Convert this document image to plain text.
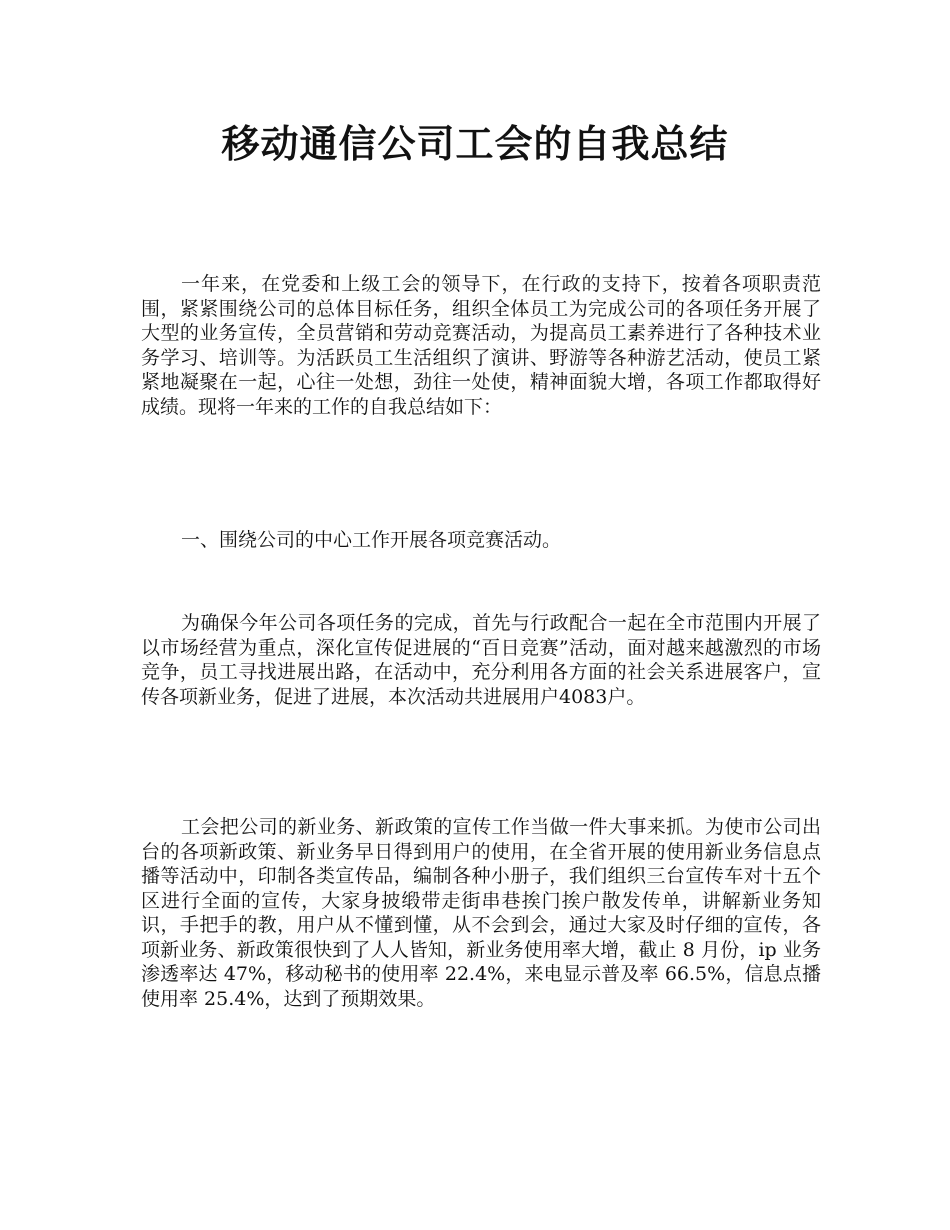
移动通信公司工会的自我总结

一年来，在党委和上级工会的领导下，在行政的支持下，按着各项职责范围，紧紧围绕公司的总体目标任务，组织全体员工为完成公司的各项任务开展了大型的业务宣传，全员营销和劳动竞赛活动，为提高员工素养进行了各种技术业务学习、培训等。为活跃员工生活组织了演讲、野游等各种游艺活动，使员工紧紧地凝聚在一起，心往一处想，劲往一处使，精神面貌大增，各项工作都取得好成绩。现将一年来的工作的自我总结如下：

一、围绕公司的中心工作开展各项竞赛活动。

为确保今年公司各项任务的完成，首先与行政配合一起在全市范围内开展了以市场经营为重点，深化宣传促进展的“百日竞赛”活动，面对越来越激烈的市场竞争，员工寻找进展出路，在活动中，充分利用各方面的社会关系进展客户，宣传各项新业务，促进了进展，本次活动共进展用户4083户。

工会把公司的新业务、新政策的宣传工作当做一件大事来抓。为使市公司出台的各项新政策、新业务早日得到用户的使用，在全省开展的使用新业务信息点播等活动中，印制各类宣传品，编制各种小册子，我们组织三台宣传车对十五个区进行全面的宣传，大家身披缎带走街串巷挨门挨户散发传单，讲解新业务知识，手把手的教，用户从不懂到懂，从不会到会，通过大家及时仔细的宣传，各项新业务、新政策很快到了人人皆知，新业务使用率大增，截止 8 月份，ip 业务渗透率达 47%，移动秘书的使用率 22.4%，来电显示普及率 66.5%，信息点播使用率 25.4%，达到了预期效果。
